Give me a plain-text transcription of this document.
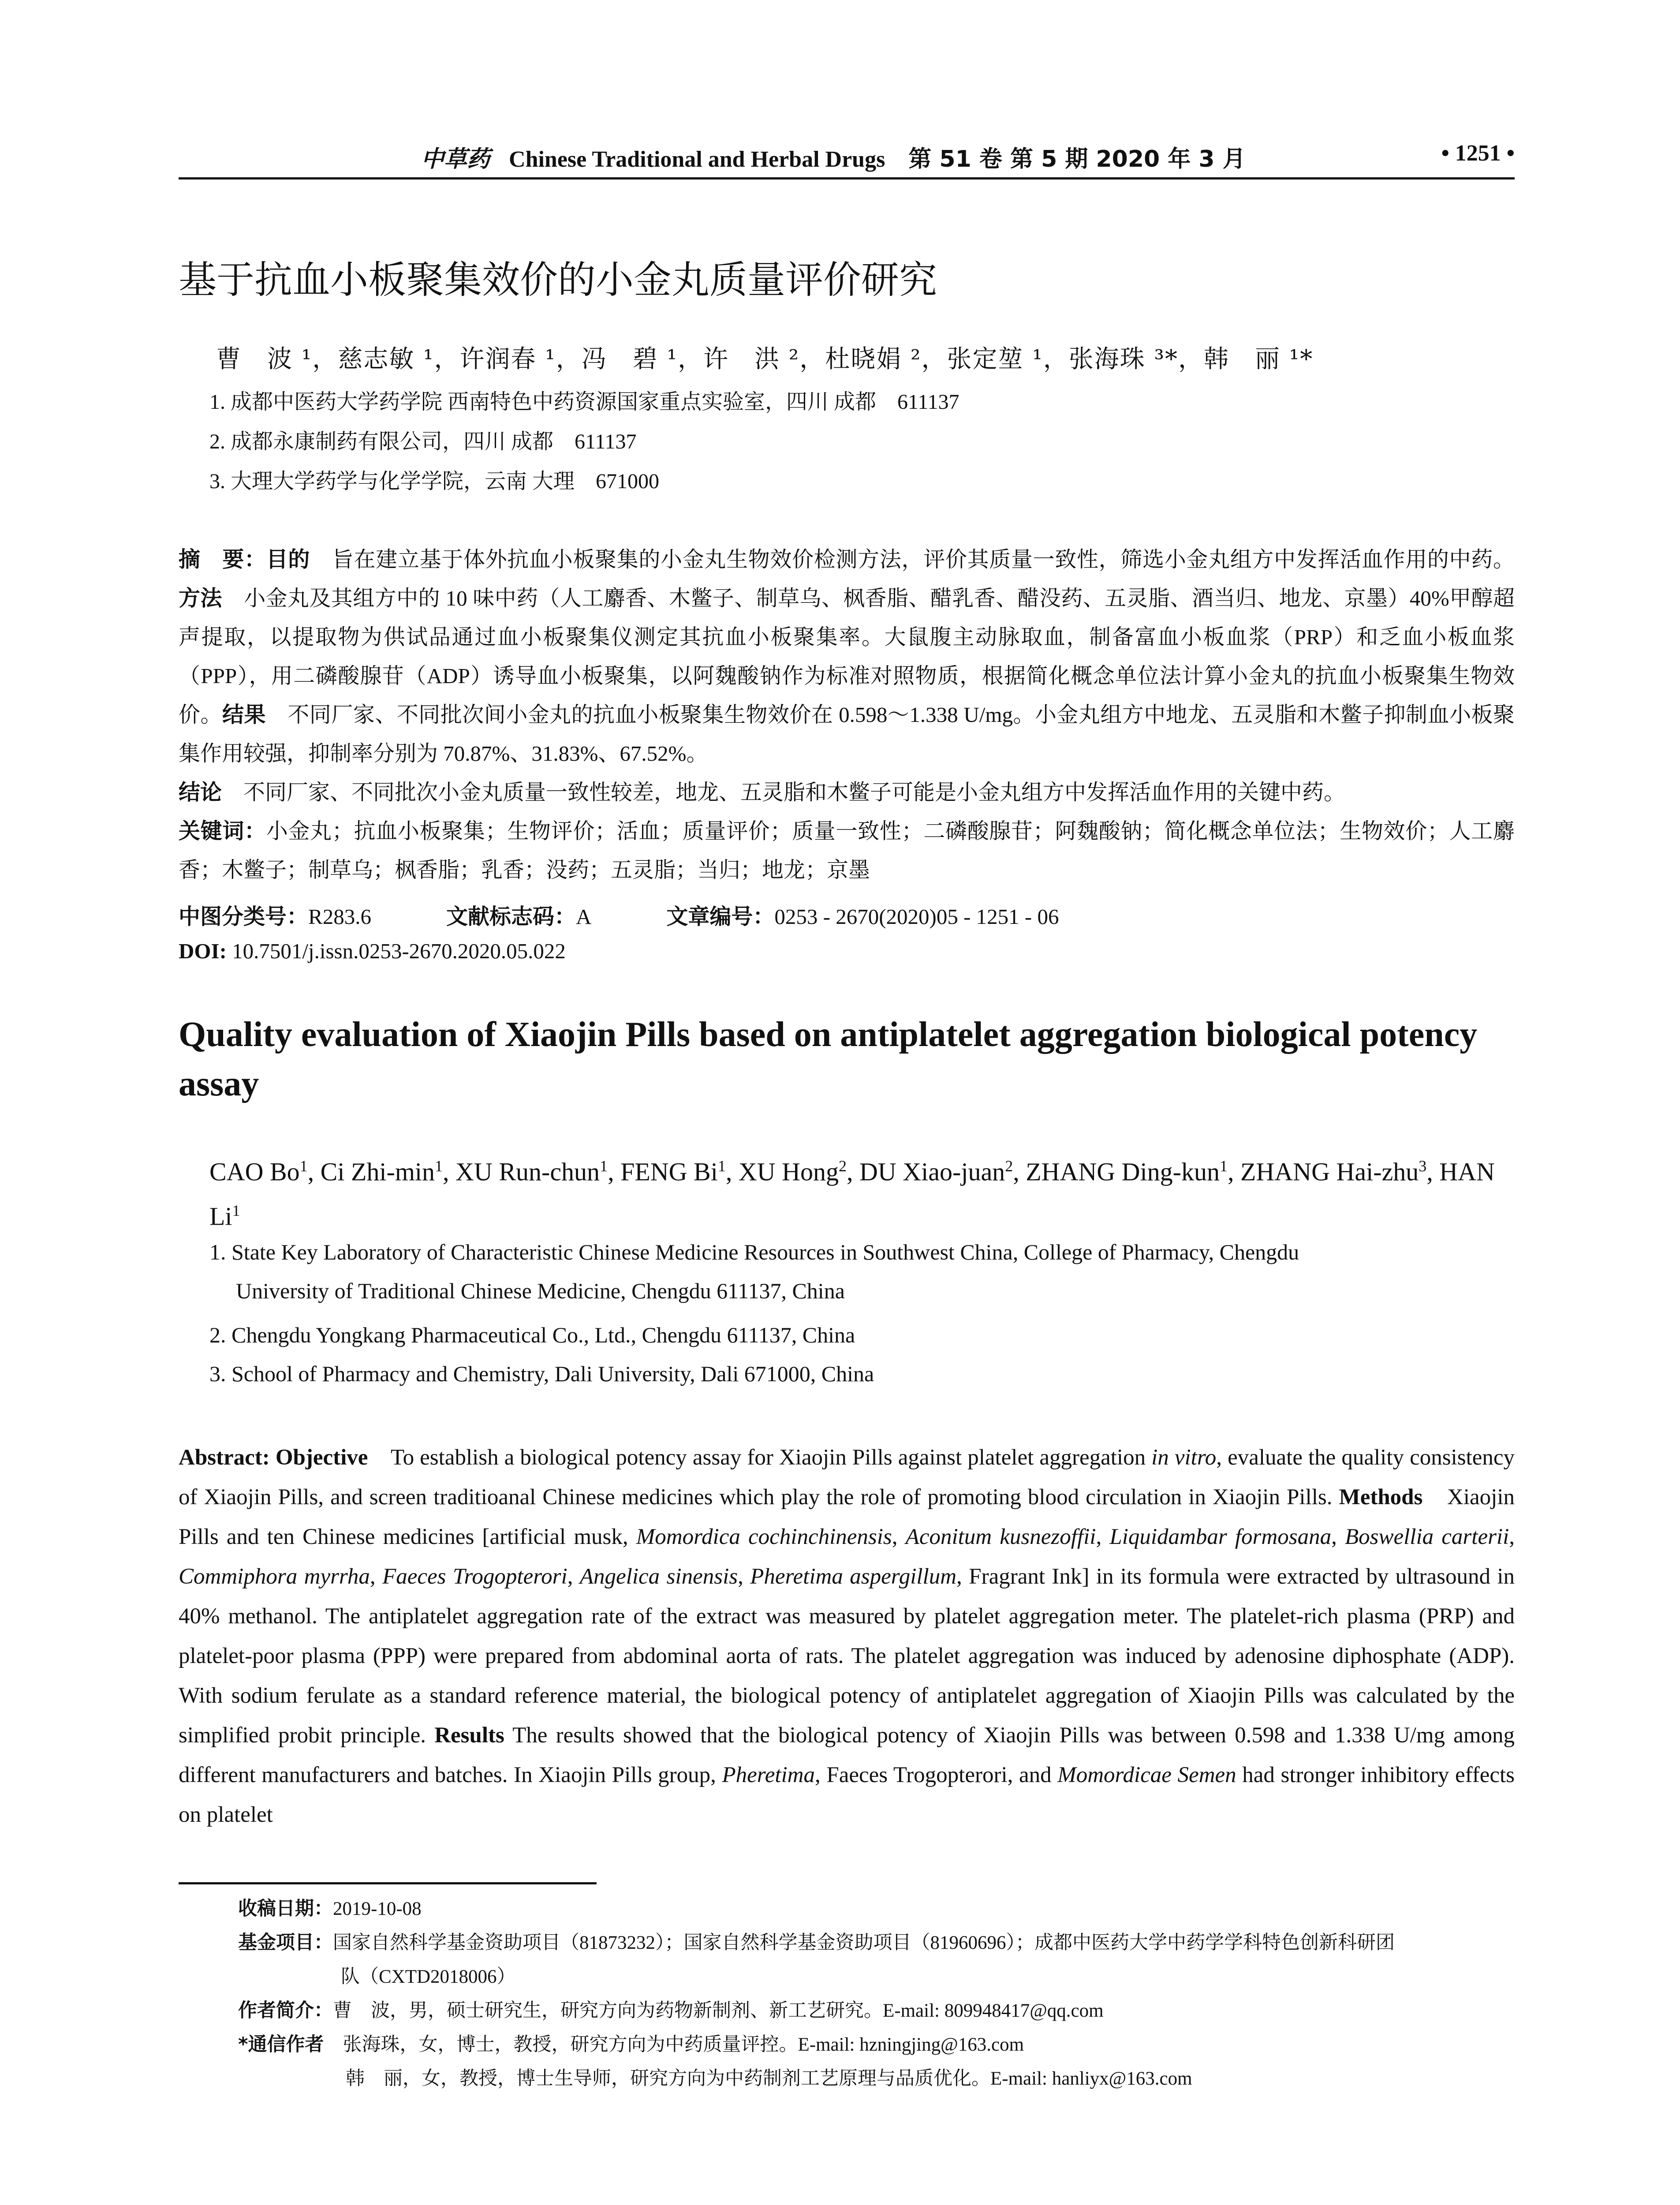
中草药 Chinese Traditional and Herbal Drugs 第 51 卷 第 5 期 2020 年 3 月	• 1251 •
基于抗血小板聚集效价的小金丸质量评价研究
曹　波 ¹，慈志敏 ¹，许润春 ¹，冯　碧 ¹，许　洪 ²，杜晓娟 ²，张定堃 ¹，张海珠 ³*，韩　丽 ¹*
1. 成都中医药大学药学院 西南特色中药资源国家重点实验室，四川 成都　611137
2. 成都永康制药有限公司，四川 成都　611137
3. 大理大学药学与化学学院，云南 大理　671000
摘　要：目的　旨在建立基于体外抗血小板聚集的小金丸生物效价检测方法，评价其质量一致性，筛选小金丸组方中发挥活血作用的中药。方法　小金丸及其组方中的 10 味中药（人工麝香、木鳖子、制草乌、枫香脂、醋乳香、醋没药、五灵脂、酒当归、地龙、京墨）40%甲醇超声提取，以提取物为供试品通过血小板聚集仪测定其抗血小板聚集率。大鼠腹主动脉取血，制备富血小板血浆（PRP）和乏血小板血浆（PPP），用二磷酸腺苷（ADP）诱导血小板聚集，以阿魏酸钠作为标准对照物质，根据简化概念单位法计算小金丸的抗血小板聚集生物效价。结果　不同厂家、不同批次间小金丸的抗血小板聚集生物效价在 0.598～1.338 U/mg。小金丸组方中地龙、五灵脂和木鳖子抑制血小板聚集作用较强，抑制率分别为 70.87%、31.83%、67.52%。
结论　不同厂家、不同批次小金丸质量一致性较差，地龙、五灵脂和木鳖子可能是小金丸组方中发挥活血作用的关键中药。
关键词：小金丸；抗血小板聚集；生物评价；活血；质量评价；质量一致性；二磷酸腺苷；阿魏酸钠；简化概念单位法；生物效价；人工麝香；木鳖子；制草乌；枫香脂；乳香；没药；五灵脂；当归；地龙；京墨
中图分类号：R283.6	文献标志码：A	文章编号：0253 - 2670(2020)05 - 1251 - 06
DOI: 10.7501/j.issn.0253-2670.2020.05.022
Quality evaluation of Xiaojin Pills based on antiplatelet aggregation biological potency assay
CAO Bo$^1$, Ci Zhi-$\min^1$, XU Run-chun$^1$, FENG Bi$^1$, XU Hong$^2$, DU Xiao-juan$^2$, ZHANG Ding-kun$^1$, ZHANG Hai-zhu$^3$, HAN Li$^1$
1. State Key Laboratory of Characteristic Chinese Medicine Resources in Southwest China, College of Pharmacy, Chengdu
University of Traditional Chinese Medicine, Chengdu 611137, China
2. Chengdu Yongkang Pharmaceutical Co., Ltd., Chengdu 611137, China
3. School of Pharmacy and Chemistry, Dali University, Dali 671000, China
Abstract: Objective　To establish a biological potency assay for Xiaojin Pills against platelet aggregation in vitro, evaluate the quality consistency of Xiaojin Pills, and screen traditioanal Chinese medicines which play the role of promoting blood circulation in Xiaojin Pills. Methods　Xiaojin Pills and ten Chinese medicines [artificial musk, Momordica cochinchinensis, Aconitum kusnezoffii, Liquidambar formosana, Boswellia carterii, Commiphora myrrha, Faeces Trogopterori, Angelica sinensis, Pheretima aspergillum, Fragrant Ink] in its formula were extracted by ultrasound in 40% methanol. The antiplatelet aggregation rate of the extract was measured by platelet aggregation meter. The platelet-rich plasma (PRP) and platelet-poor plasma (PPP) were prepared from abdominal aorta of rats. The platelet aggregation was induced by adenosine diphosphate (ADP). With sodium ferulate as a standard reference material, the biological potency of antiplatelet aggregation of Xiaojin Pills was calculated by the simplified probit principle. Results The results showed that the biological potency of Xiaojin Pills was between 0.598 and 1.338 U/mg among different manufacturers and batches. In Xiaojin Pills group, Pheretima, Faeces Trogopterori, and Momordicae Semen had stronger inhibitory effects on platelet
收稿日期：2019-10-08
基金项目：国家自然科学基金资助项目（81873232）；国家自然科学基金资助项目（81960696）；成都中医药大学中药学学科特色创新科研团
队（CXTD2018006）
作者简介：曹　波，男，硕士研究生，研究方向为药物新制剂、新工艺研究。E-mail: 809948417@qq.com
*通信作者　张海珠，女，博士，教授，研究方向为中药质量评控。E-mail: hzningjing@163.com
韩　丽，女，教授，博士生导师，研究方向为中药制剂工艺原理与品质优化。E-mail: hanliyx@163.com
